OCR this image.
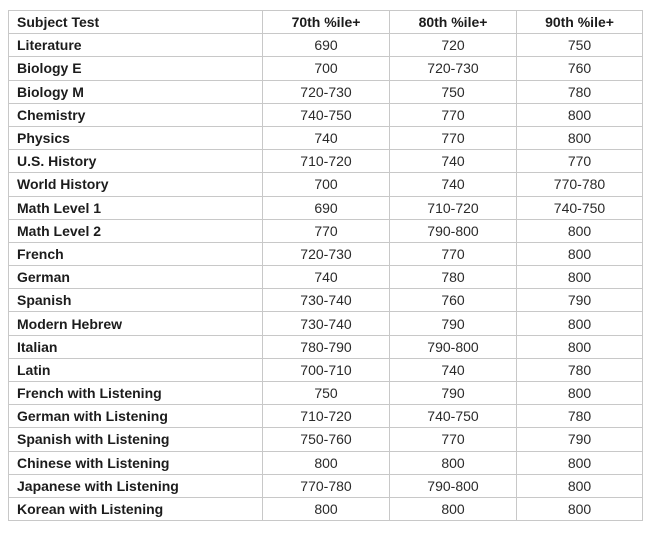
Subject Test	70th %ile+	80th %ile+	90th %ile+
Literature	690	720	750
Biology E	700	720-730	760
Biology M	720-730	750	780
Chemistry	740-750	770	800
Physics	740	770	800
U.S. History	710-720	740	770
World History	700	740	770-780
Math Level 1	690	710-720	740-750
Math Level 2	770	790-800	800
French	720-730	770	800
German	740	780	800
Spanish	730-740	760	790
Modern Hebrew	730-740	790	800
Italian	780-790	790-800	800
Latin	700-710	740	780
French with Listening	750	790	800
German with Listening	710-720	740-750	780
Spanish with Listening	750-760	770	790
Chinese with Listening	800	800	800
Japanese with Listening	770-780	790-800	800
Korean with Listening	800	800	800
